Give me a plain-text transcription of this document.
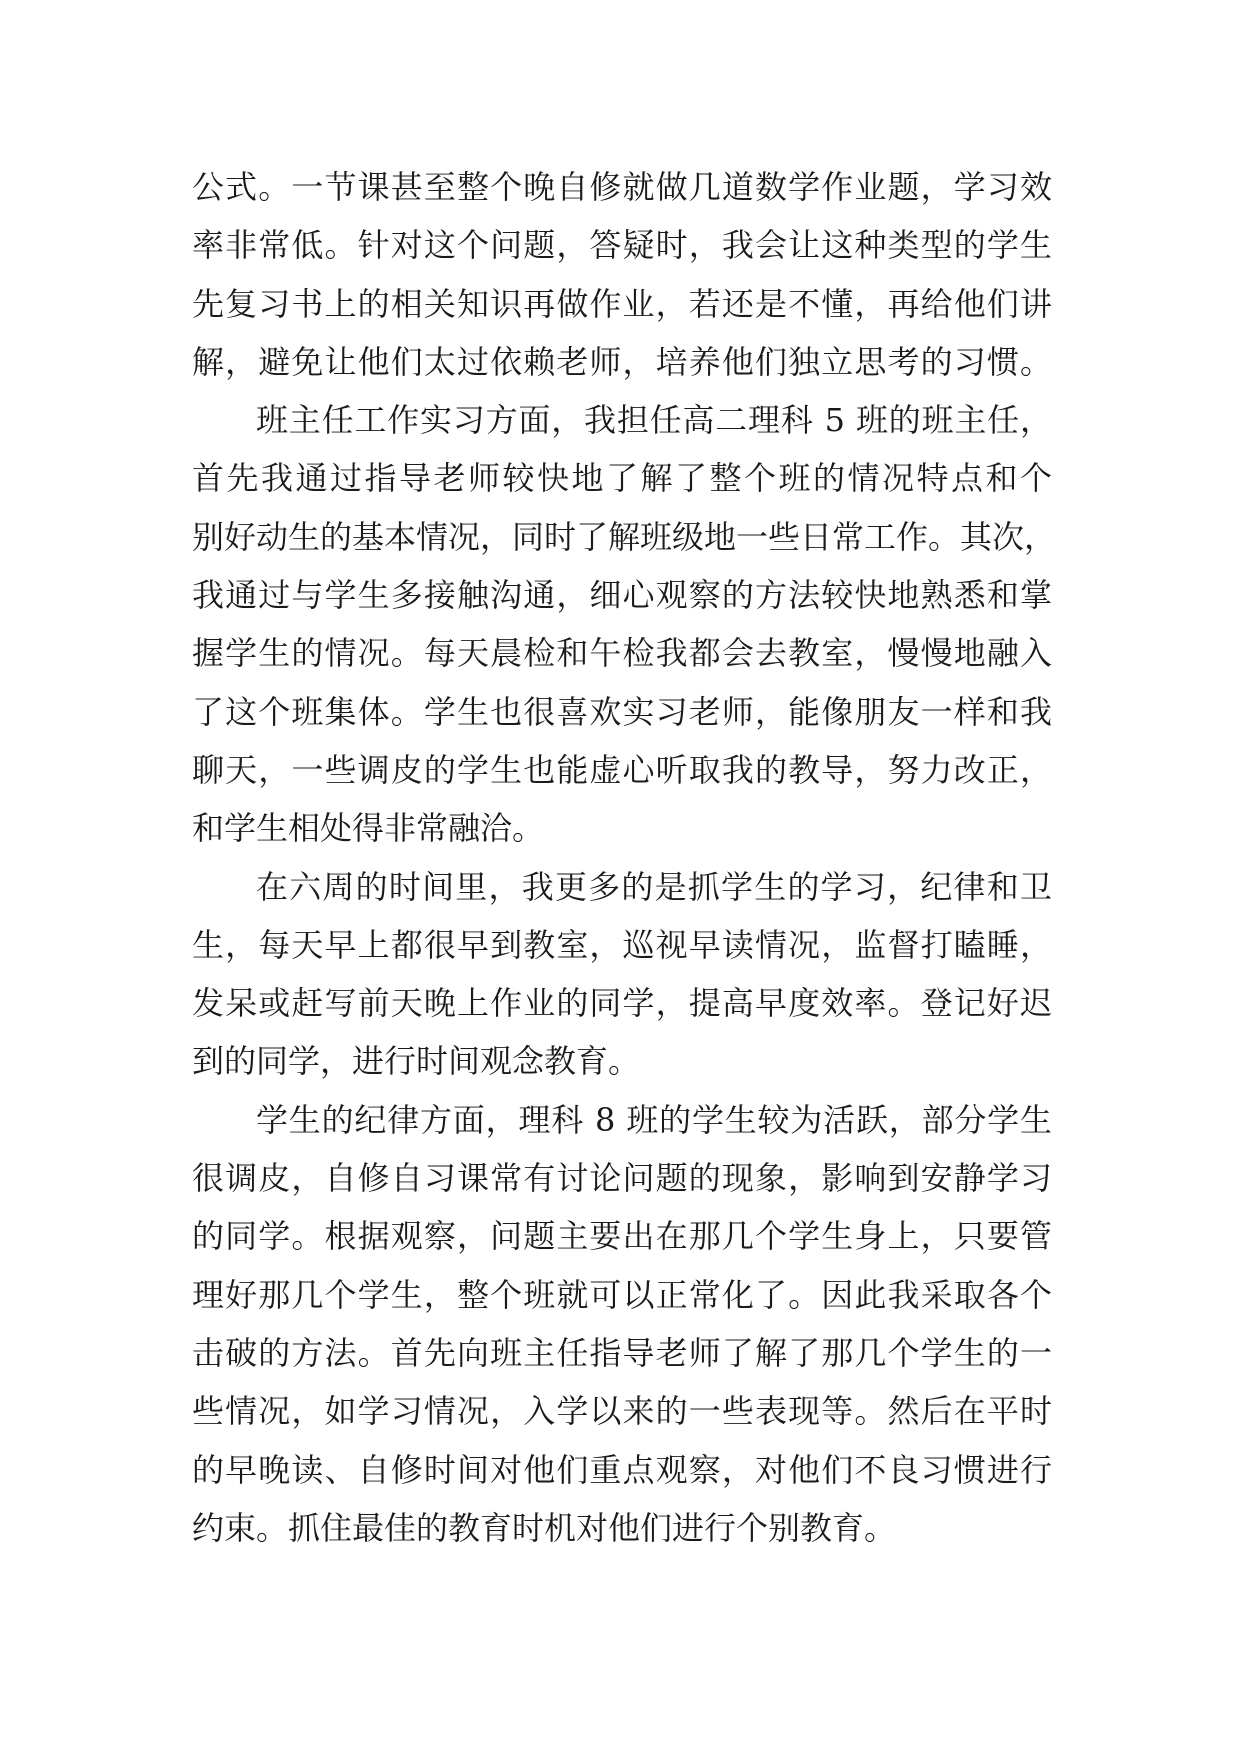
公式。一节课甚至整个晚自修就做几道数学作业题，学习效
率非常低。针对这个问题，答疑时，我会让这种类型的学生
先复习书上的相关知识再做作业，若还是不懂，再给他们讲
解，避免让他们太过依赖老师，培养他们独立思考的习惯。
班主任工作实习方面，我担任高二理科 5 班的班主任，
首先我通过指导老师较快地了解了整个班的情况特点和个
别好动生的基本情况，同时了解班级地一些日常工作。其次，
我通过与学生多接触沟通，细心观察的方法较快地熟悉和掌
握学生的情况。每天晨检和午检我都会去教室，慢慢地融入
了这个班集体。学生也很喜欢实习老师，能像朋友一样和我
聊天，一些调皮的学生也能虚心听取我的教导，努力改正，
和学生相处得非常融洽。
在六周的时间里，我更多的是抓学生的学习，纪律和卫
生，每天早上都很早到教室，巡视早读情况，监督打瞌睡，
发呆或赶写前天晚上作业的同学，提高早度效率。登记好迟
到的同学，进行时间观念教育。
学生的纪律方面，理科 8 班的学生较为活跃，部分学生
很调皮，自修自习课常有讨论问题的现象，影响到安静学习
的同学。根据观察，问题主要出在那几个学生身上，只要管
理好那几个学生，整个班就可以正常化了。因此我采取各个
击破的方法。首先向班主任指导老师了解了那几个学生的一
些情况，如学习情况，入学以来的一些表现等。然后在平时
的早晚读、自修时间对他们重点观察，对他们不良习惯进行
约束。抓住最佳的教育时机对他们进行个别教育。
